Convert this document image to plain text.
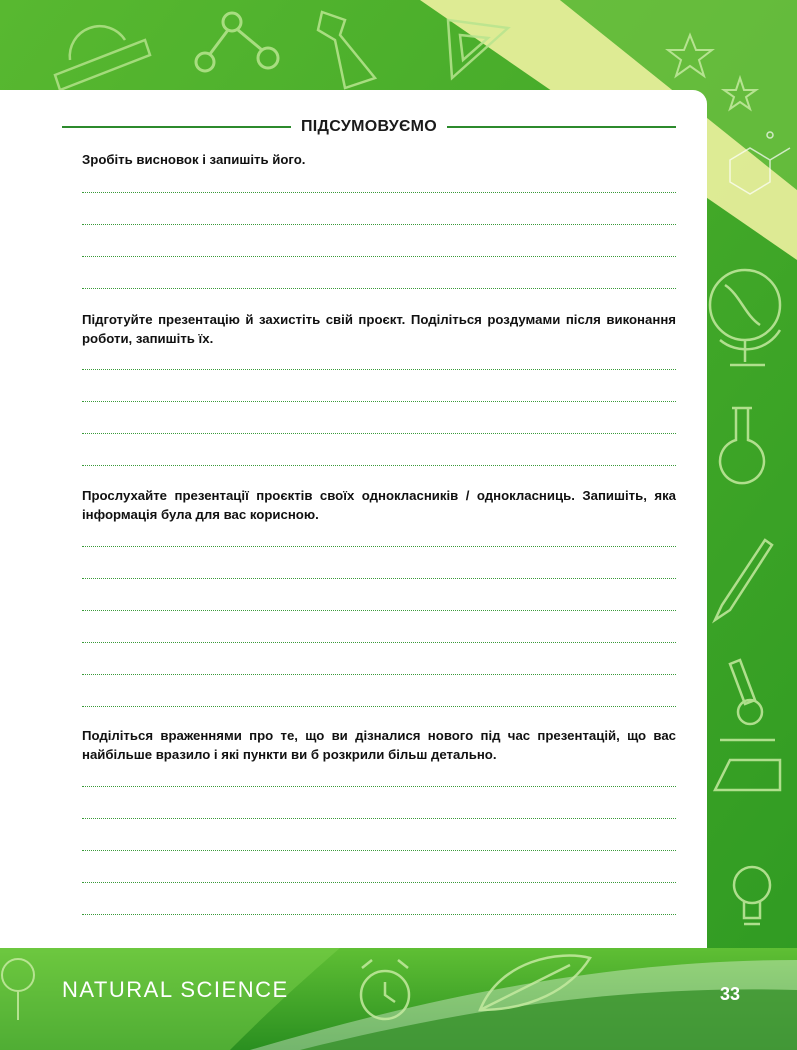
ПІДСУМОВУЄМО
Зробіть висновок і запишіть його.
Підготуйте презентацію й захистіть свій проєкт. Поділіться роздумами після виконання роботи, запишіть їх.
Прослухайте презентації проєктів своїх однокласників / однокласниць. Запишіть, яка інформація була для вас корисною.
Поділіться враженнями про те, що ви дізналися нового під час презентацій, що вас найбільше вразило і які пункти ви б розкрили більш детально.
NATURAL SCIENCE	33
